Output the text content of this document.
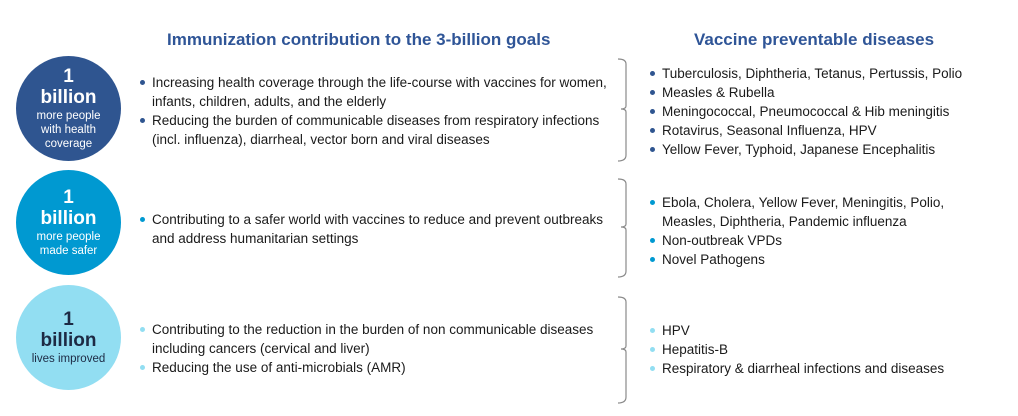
Immunization contribution to the 3-billion goals	Vaccine preventable diseases
1
billion
more people
with health
coverage
Increasing health coverage through the life-course with vaccines for women, infants, children, adults, and the elderly
Reducing the burden of communicable diseases from respiratory infections (incl. influenza), diarrheal, vector born and viral diseases
Tuberculosis, Diphtheria, Tetanus, Pertussis, Polio
Measles & Rubella
Meningococcal, Pneumococcal & Hib meningitis
Rotavirus, Seasonal Influenza, HPV
Yellow Fever, Typhoid, Japanese Encephalitis
1
billion
more people
made safer
Contributing to a safer world with vaccines to reduce and prevent outbreaks and address humanitarian settings
Ebola, Cholera, Yellow Fever, Meningitis, Polio, Measles, Diphtheria, Pandemic influenza
Non-outbreak VPDs
Novel Pathogens
1
billion
lives improved
Contributing to the reduction in the burden of non communicable diseases including cancers (cervical and liver)
Reducing the use of anti-microbials (AMR)
HPV
Hepatitis-B
Respiratory & diarrheal infections and diseases
